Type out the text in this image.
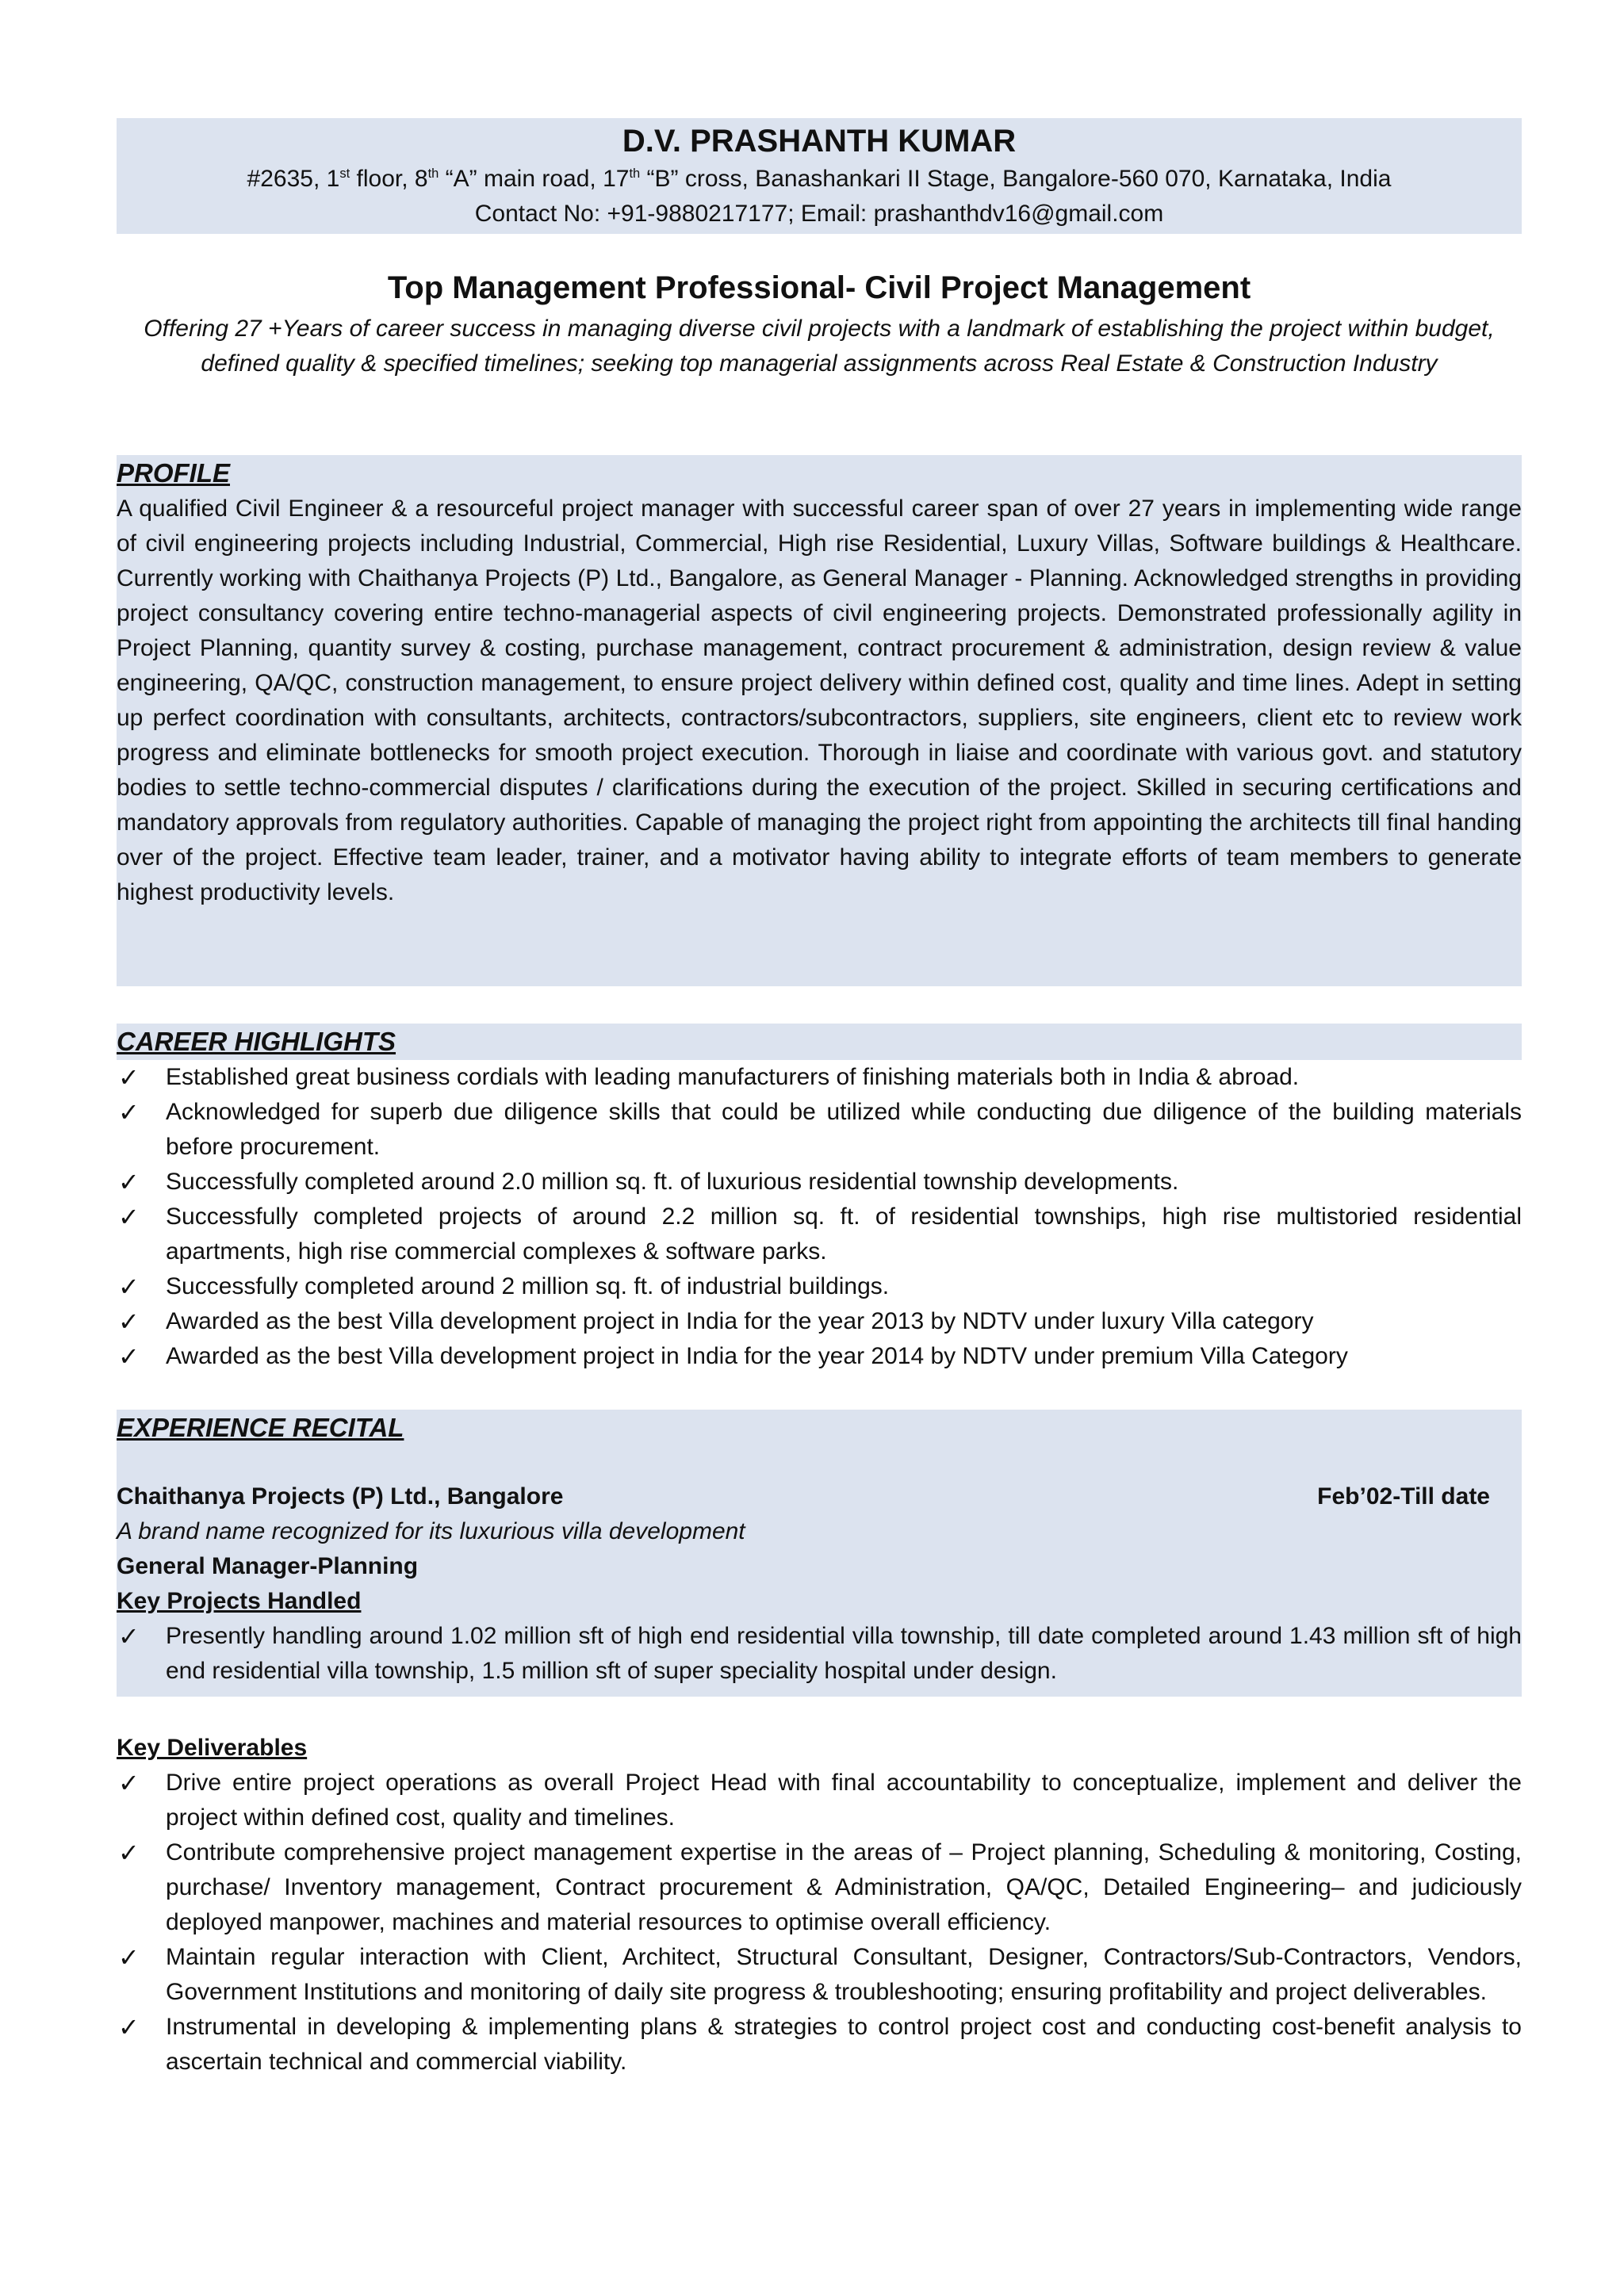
D.V. PRASHANTH KUMAR
#2635, 1st floor, 8th “A” main road, 17th “B” cross, Banashankari II Stage, Bangalore-560 070, Karnataka, India
Contact No: +91-9880217177; Email: prashanthdv16@gmail.com
Top Management Professional- Civil Project Management
Offering 27 +Years of career success in managing diverse civil projects with a landmark of establishing the project within budget, defined quality & specified timelines; seeking top managerial assignments across Real Estate & Construction Industry
PROFILE
A qualified Civil Engineer & a resourceful project manager with successful career span of over 27 years in implementing wide range of civil engineering projects including Industrial, Commercial, High rise Residential, Luxury Villas, Software buildings & Healthcare. Currently working with Chaithanya Projects (P) Ltd., Bangalore, as General Manager - Planning. Acknowledged strengths in providing project consultancy covering entire techno-managerial aspects of civil engineering projects. Demonstrated professionally agility in Project Planning, quantity survey & costing, purchase management, contract procurement & administration, design review & value engineering, QA/QC, construction management, to ensure project delivery within defined cost, quality and time lines. Adept in setting up perfect coordination with consultants, architects, contractors/subcontractors, suppliers, site engineers, client etc to review work progress and eliminate bottlenecks for smooth project execution. Thorough in liaise and coordinate with various govt. and statutory bodies to settle techno-commercial disputes / clarifications during the execution of the project. Skilled in securing certifications and mandatory approvals from regulatory authorities. Capable of managing the project right from appointing the architects till final handing over of the project. Effective team leader, trainer, and a motivator having ability to integrate efforts of team members to generate highest productivity levels.
CAREER HIGHLIGHTS
✓	Established great business cordials with leading manufacturers of finishing materials both in India & abroad.
✓	Acknowledged for superb due diligence skills that could be utilized while conducting due diligence of the building materials before procurement.
✓	Successfully completed around 2.0 million sq. ft. of luxurious residential township developments.
✓	Successfully completed projects of around 2.2 million sq. ft. of residential townships, high rise multistoried residential apartments, high rise commercial complexes & software parks.
✓	Successfully completed around 2 million sq. ft. of industrial buildings.
✓	Awarded as the best Villa development project in India for the year 2013 by NDTV under luxury Villa category
✓	Awarded as the best Villa development project in India for the year 2014 by NDTV under premium Villa Category
EXPERIENCE RECITAL
Chaithanya Projects (P) Ltd., Bangalore	Feb’02-Till date
A brand name recognized for its luxurious villa development
General Manager-Planning
Key Projects Handled
✓	Presently handling around 1.02 million sft of high end residential villa township, till date completed around 1.43 million sft of high end residential villa township, 1.5 million sft of super speciality hospital under design.
Key Deliverables
✓	Drive entire project operations as overall Project Head with final accountability to conceptualize, implement and deliver the project within defined cost, quality and timelines.
✓	Contribute comprehensive project management expertise in the areas of – Project planning, Scheduling & monitoring, Costing, purchase/ Inventory management, Contract procurement & Administration, QA/QC, Detailed Engineering– and judiciously deployed manpower, machines and material resources to optimise overall efficiency.
✓	Maintain regular interaction with Client, Architect, Structural Consultant, Designer, Contractors/Sub-Contractors, Vendors, Government Institutions and monitoring of daily site progress & troubleshooting; ensuring profitability and project deliverables.
✓	Instrumental in developing & implementing plans & strategies to control project cost and conducting cost-benefit analysis to ascertain technical and commercial viability.
